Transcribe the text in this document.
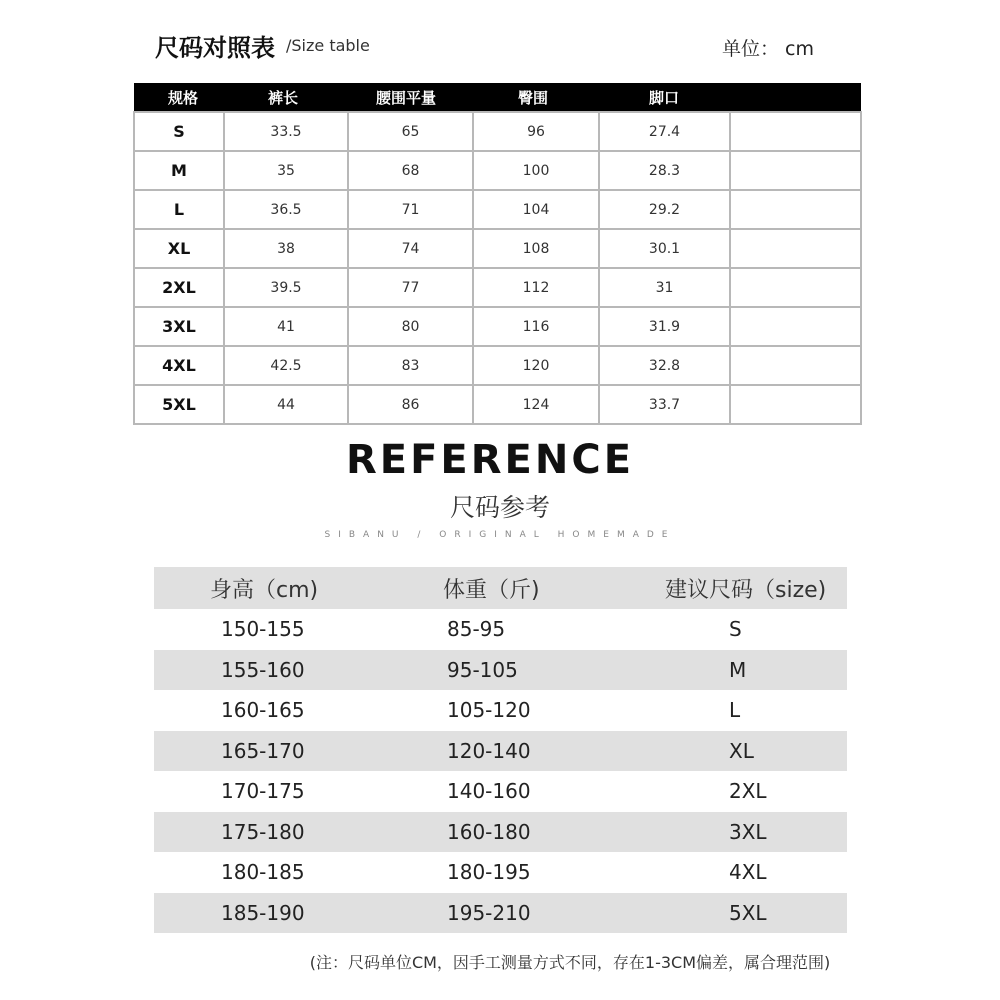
尺码对照表 /Size table	单位： cm
规格	裤长	腰围平量	臀围	脚口	
S	33.5	65	96	27.4	
M	35	68	100	28.3	
L	36.5	71	104	29.2	
XL	38	74	108	30.1	
2XL	39.5	77	112	31	
3XL	41	80	116	31.9	
4XL	42.5	83	120	32.8	
5XL	44	86	124	33.7	
REFERENCE
尺码参考
SIBANU / ORIGINAL HOMEMADE
身高（cm)	体重（斤)	建议尺码（size)
150-155	85-95	S
155-160	95-105	M
160-165	105-120	L
165-170	120-140	XL
170-175	140-160	2XL
175-180	160-180	3XL
180-185	180-195	4XL
185-190	195-210	5XL
(注：尺码单位CM，因手工测量方式不同，存在1-3CM偏差，属合理范围)
